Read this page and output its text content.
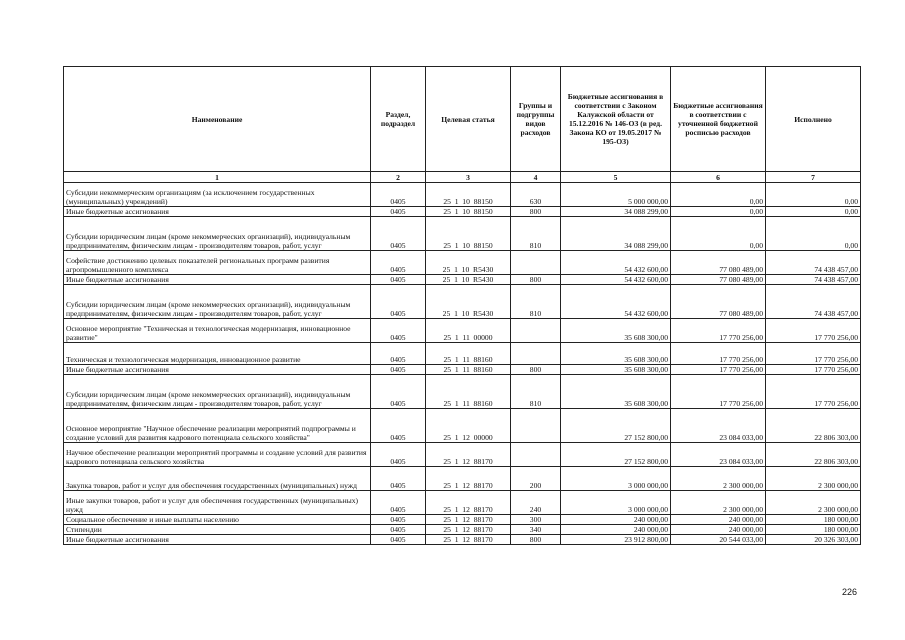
Наименование	Раздел, подраздел	Целевая статья	Группы и подгруппы видов расходов	Бюджетные ассигнования в соответствии с Законом Калужской области от 15.12.2016 № 146-ОЗ (в ред. Закона КО от 19.05.2017 № 195-ОЗ)	Бюджетные ассигнования в соответствии с уточненной бюджетной росписью расходов	Исполнено
1	2	3	4	5	6	7
Субсидии некоммерческим организациям (за исключением государственных (муниципальных) учреждений)	0405	25  1  10  88150	630	5 000 000,00	0,00	0,00
Иные бюджетные ассигнования	0405	25  1  10  88150	800	34 088 299,00	0,00	0,00
Субсидии юридическим лицам (кроме некоммерческих организаций), индивидуальным предпринимателям, физическим лицам - производителям товаров, работ, услуг	0405	25  1  10  88150	810	34 088 299,00	0,00	0,00
Софействие достижению целевых показателей региональных программ развития агропромышленного комплекса	0405	25  1  10  R5430		54 432 600,00	77 080 489,00	74 438 457,00
Иные бюджетные ассигнования	0405	25  1  10  R5430	800	54 432 600,00	77 080 489,00	74 438 457,00
Субсидии юридическим лицам (кроме некоммерческих организаций), индивидуальным предпринимателям, физическим лицам - производителям товаров, работ, услуг	0405	25  1  10  R5430	810	54 432 600,00	77 080 489,00	74 438 457,00
Основное мероприятие "Техническая и технологическая модернизация, инновационное развитие"	0405	25  1  11  00000		35 608 300,00	17 770 256,00	17 770 256,00
Техническая и технологическая модернизация, инновационное развитие	0405	25  1  11  88160		35 608 300,00	17 770 256,00	17 770 256,00
Иные бюджетные ассигнования	0405	25  1  11  88160	800	35 608 300,00	17 770 256,00	17 770 256,00
Субсидии юридическим лицам (кроме некоммерческих организаций), индивидуальным предпринимателям, физическим лицам - производителям товаров, работ, услуг	0405	25  1  11  88160	810	35 608 300,00	17 770 256,00	17 770 256,00
Основное мероприятие "Научное обеспечение реализации мероприятий подпрограммы и создание условий для развития кадрового потенциала сельского хозяйства"	0405	25  1  12  00000		27 152 800,00	23 084 033,00	22 806 303,00
Научное обеспечение реализации мероприятий программы и создание условий для развития кадрового потенциала сельского хозяйства	0405	25  1  12  88170		27 152 800,00	23 084 033,00	22 806 303,00
Закупка товаров, работ и услуг для обеспечения государственных (муниципальных) нужд	0405	25  1  12  88170	200	3 000 000,00	2 300 000,00	2 300 000,00
Иные закупки товаров, работ и услуг для обеспечения государственных (муниципальных) нужд	0405	25  1  12  88170	240	3 000 000,00	2 300 000,00	2 300 000,00
Социальное обеспечение и иные выплаты населению	0405	25  1  12  88170	300	240 000,00	240 000,00	180 000,00
Стипендии	0405	25  1  12  88170	340	240 000,00	240 000,00	180 000,00
Иные бюджетные ассигнования	0405	25  1  12  88170	800	23 912 800,00	20 544 033,00	20 326 303,00
226
